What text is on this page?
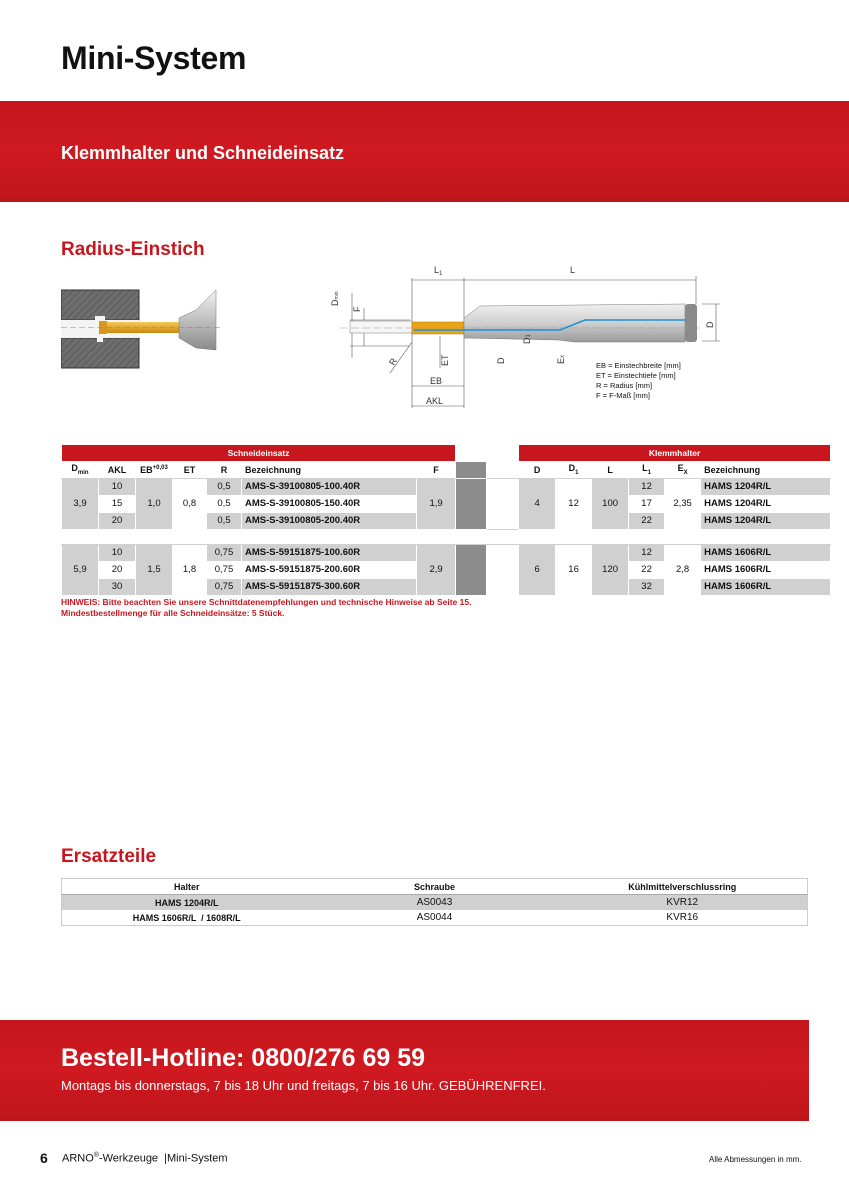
Mini-System
Klemmhalter und Schneideinsatz
Radius-Einstich
$L_1$	L
Dmin
F
R	ET
EB
AKL
D
D1
Ex
D
EB = Einstechbreite [mm]
ET = Einstechtiefe [mm]
R = Radius [mm]
F = F-Maß [mm]
Schneideinsatz									Klemmhalter					
$D_{min}$	AKL	$EB^{+0,03}$	ET	R	Bezeichnung	F			D	$D_1$	L	$L_1$	$E_X$	Bezeichnung
3,9	10	1,0	0,8	0,5	AMS-S-39100805-100.40R	1,9			4	12	100	12	2,35	HAMS 1204R/L
	15			0,5	AMS-S-39100805-150.40R							17		HAMS 1204R/L
	20			0,5	AMS-S-39100805-200.40R							22		HAMS 1204R/L

5,9	10	1,5	1,8	0,75	AMS-S-59151875-100.60R	2,9			6	16	120	12	2,8	HAMS 1606R/L
	20			0,75	AMS-S-59151875-200.60R							22		HAMS 1606R/L
	30			0,75	AMS-S-59151875-300.60R							32		HAMS 1606R/L
HINWEIS: Bitte beachten Sie unsere Schnittdatenempfehlungen und technische Hinweise ab Seite 15.
Mindestbestellmenge für alle Schneideinsätze: 5 Stück.
Ersatzteile
Halter	Schraube	Kühlmittelverschlussring
HAMS 1204R/L	AS0043	KVR12
HAMS 1606R/L  / 1608R/L	AS0044	KVR16
Bestell-Hotline: 0800/276 69 59
Montags bis donnerstags, 7 bis 18 Uhr und freitags, 7 bis 16 Uhr. GEBÜHRENFREI.
6 ARNO®-Werkzeuge  |Mini-System	Alle Abmessungen in mm.
